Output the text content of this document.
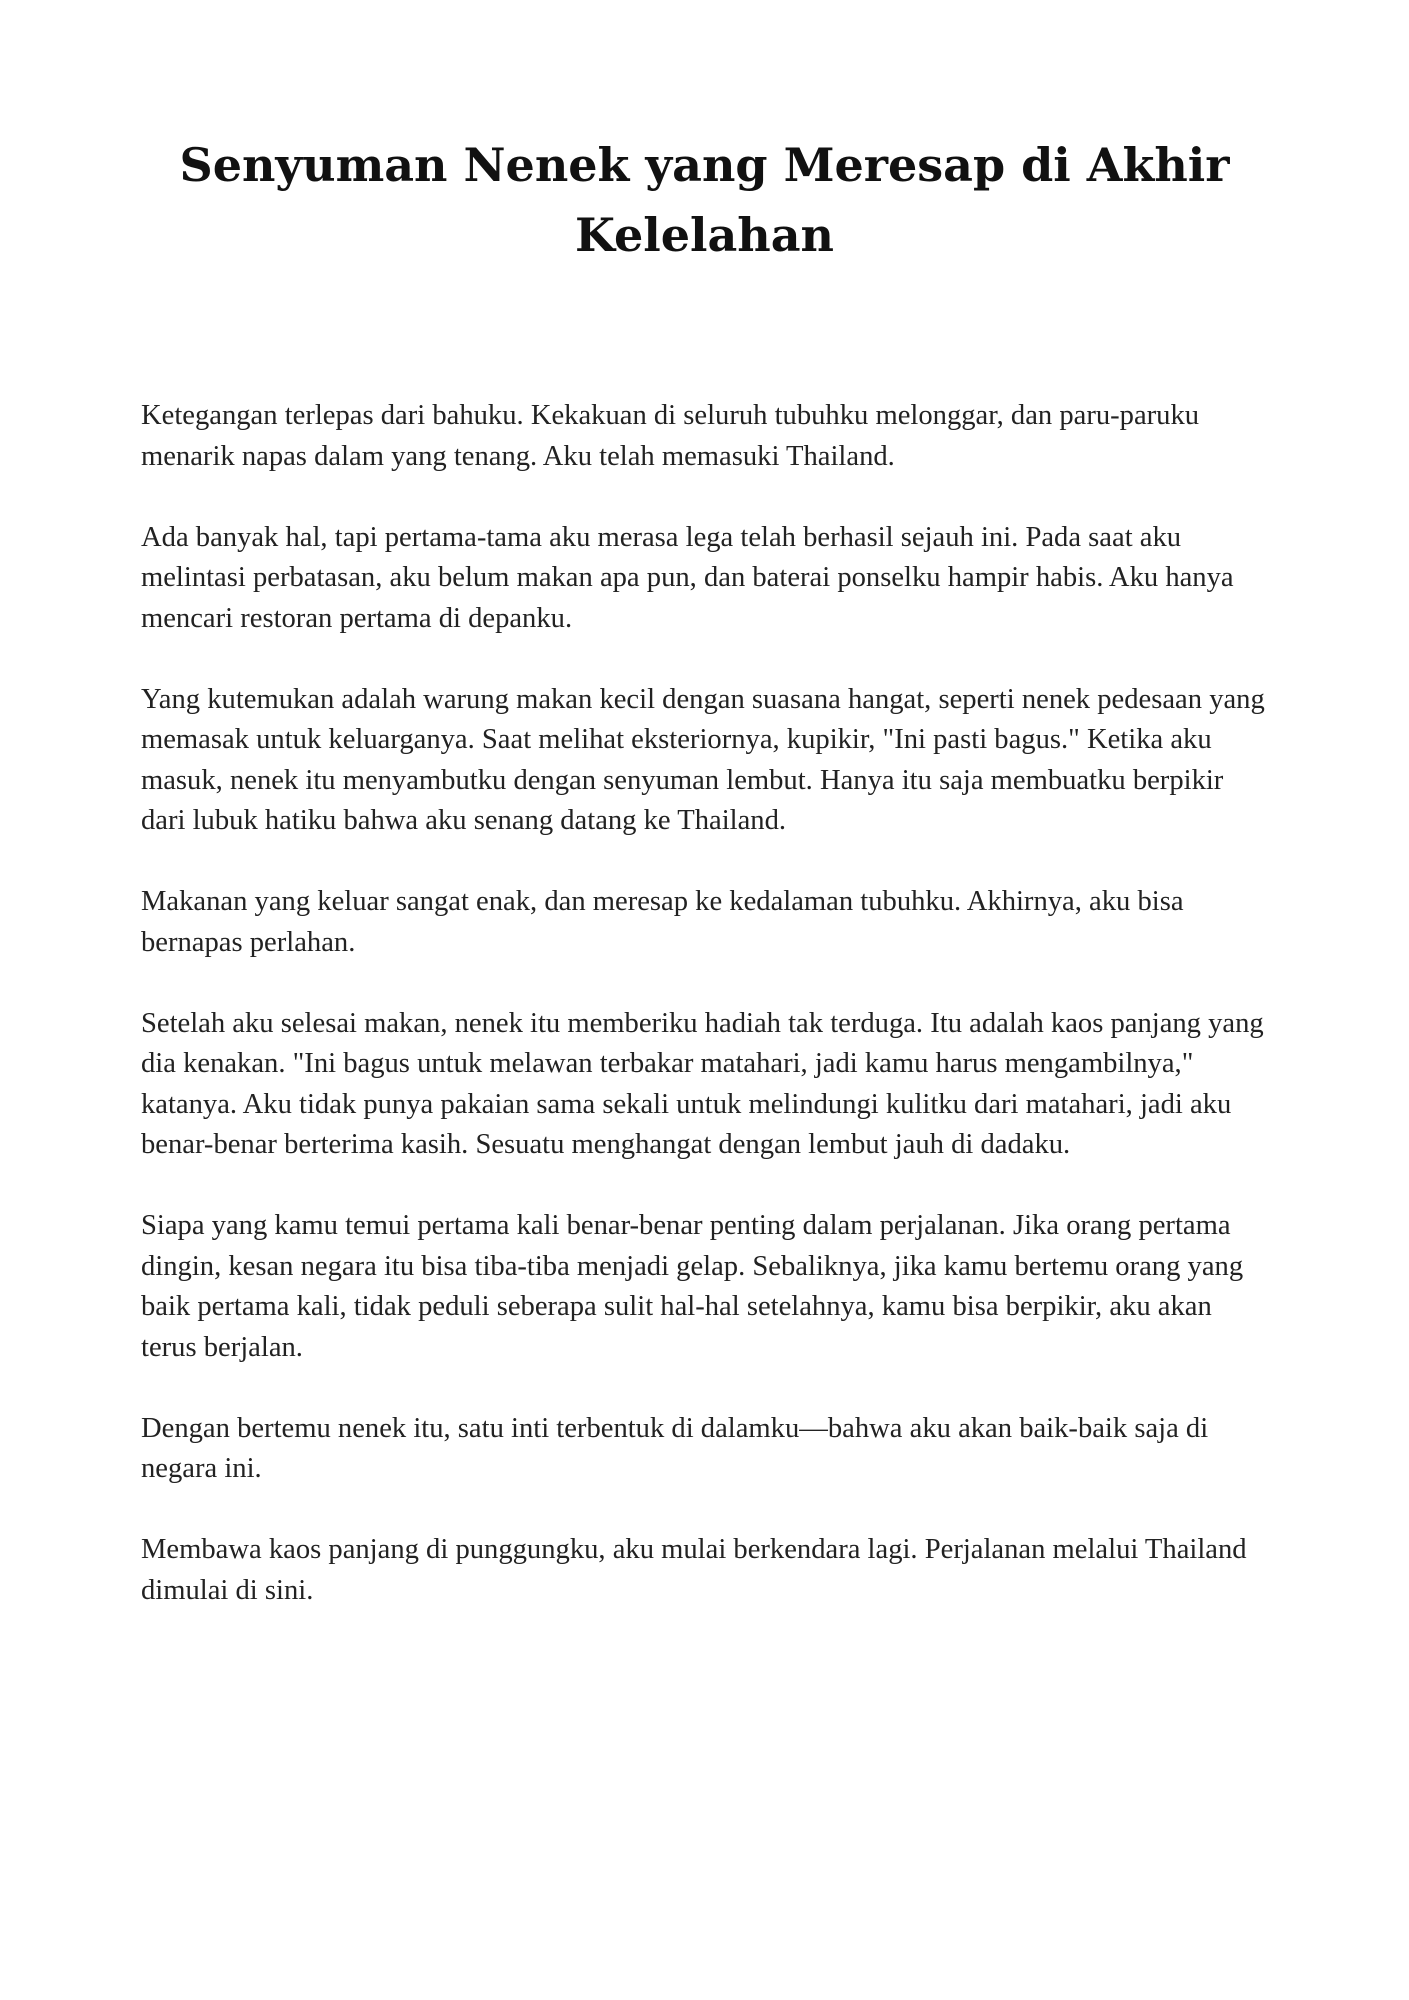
Senyuman Nenek yang Meresap di Akhir Kelelahan

Ketegangan terlepas dari bahuku. Kekakuan di seluruh tubuhku melonggar, dan paru-paruku menarik napas dalam yang tenang. Aku telah memasuki Thailand.

Ada banyak hal, tapi pertama-tama aku merasa lega telah berhasil sejauh ini. Pada saat aku melintasi perbatasan, aku belum makan apa pun, dan baterai ponselku hampir habis. Aku hanya mencari restoran pertama di depanku.

Yang kutemukan adalah warung makan kecil dengan suasana hangat, seperti nenek pedesaan yang memasak untuk keluarganya. Saat melihat eksteriornya, kupikir, "Ini pasti bagus." Ketika aku masuk, nenek itu menyambutku dengan senyuman lembut. Hanya itu saja membuatku berpikir dari lubuk hatiku bahwa aku senang datang ke Thailand.

Makanan yang keluar sangat enak, dan meresap ke kedalaman tubuhku. Akhirnya, aku bisa bernapas perlahan.

Setelah aku selesai makan, nenek itu memberiku hadiah tak terduga. Itu adalah kaos panjang yang dia kenakan. "Ini bagus untuk melawan terbakar matahari, jadi kamu harus mengambilnya," katanya. Aku tidak punya pakaian sama sekali untuk melindungi kulitku dari matahari, jadi aku benar-benar berterima kasih. Sesuatu menghangat dengan lembut jauh di dadaku.

Siapa yang kamu temui pertama kali benar-benar penting dalam perjalanan. Jika orang pertama dingin, kesan negara itu bisa tiba-tiba menjadi gelap. Sebaliknya, jika kamu bertemu orang yang baik pertama kali, tidak peduli seberapa sulit hal-hal setelahnya, kamu bisa berpikir, aku akan terus berjalan.

Dengan bertemu nenek itu, satu inti terbentuk di dalamku—bahwa aku akan baik-baik saja di negara ini.

Membawa kaos panjang di punggungku, aku mulai berkendara lagi. Perjalanan melalui Thailand dimulai di sini.
